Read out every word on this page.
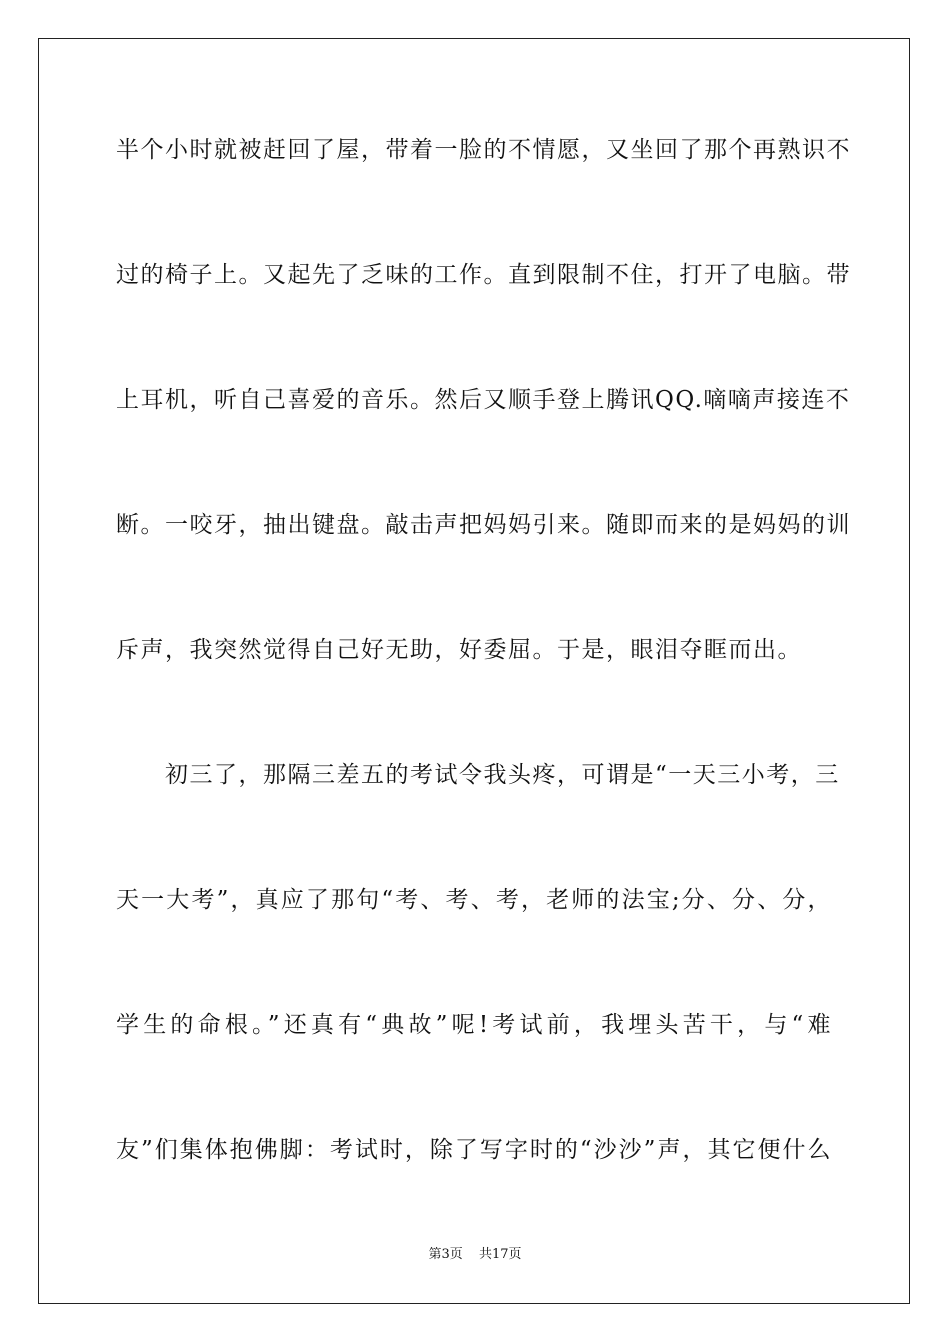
半个小时就被赶回了屋，带着一脸的不情愿，又坐回了那个再熟识不
过的椅子上。又起先了乏味的工作。直到限制不住，打开了电脑。带
上耳机，听自己喜爱的音乐。然后又顺手登上腾讯QQ.嘀嘀声接连不
断。一咬牙，抽出键盘。敲击声把妈妈引来。随即而来的是妈妈的训
斥声，我突然觉得自己好无助，好委屈。于是，眼泪夺眶而出。
　　初三了，那隔三差五的考试令我头疼，可谓是“一天三小考，三
天一大考”，真应了那句“考、考、考，老师的法宝;分、分、分，
学生的命根。”还真有“典故”呢!考试前，我埋头苦干，与“难
友”们集体抱佛脚：考试时，除了写字时的“沙沙”声，其它便什么
第3页 共17页
